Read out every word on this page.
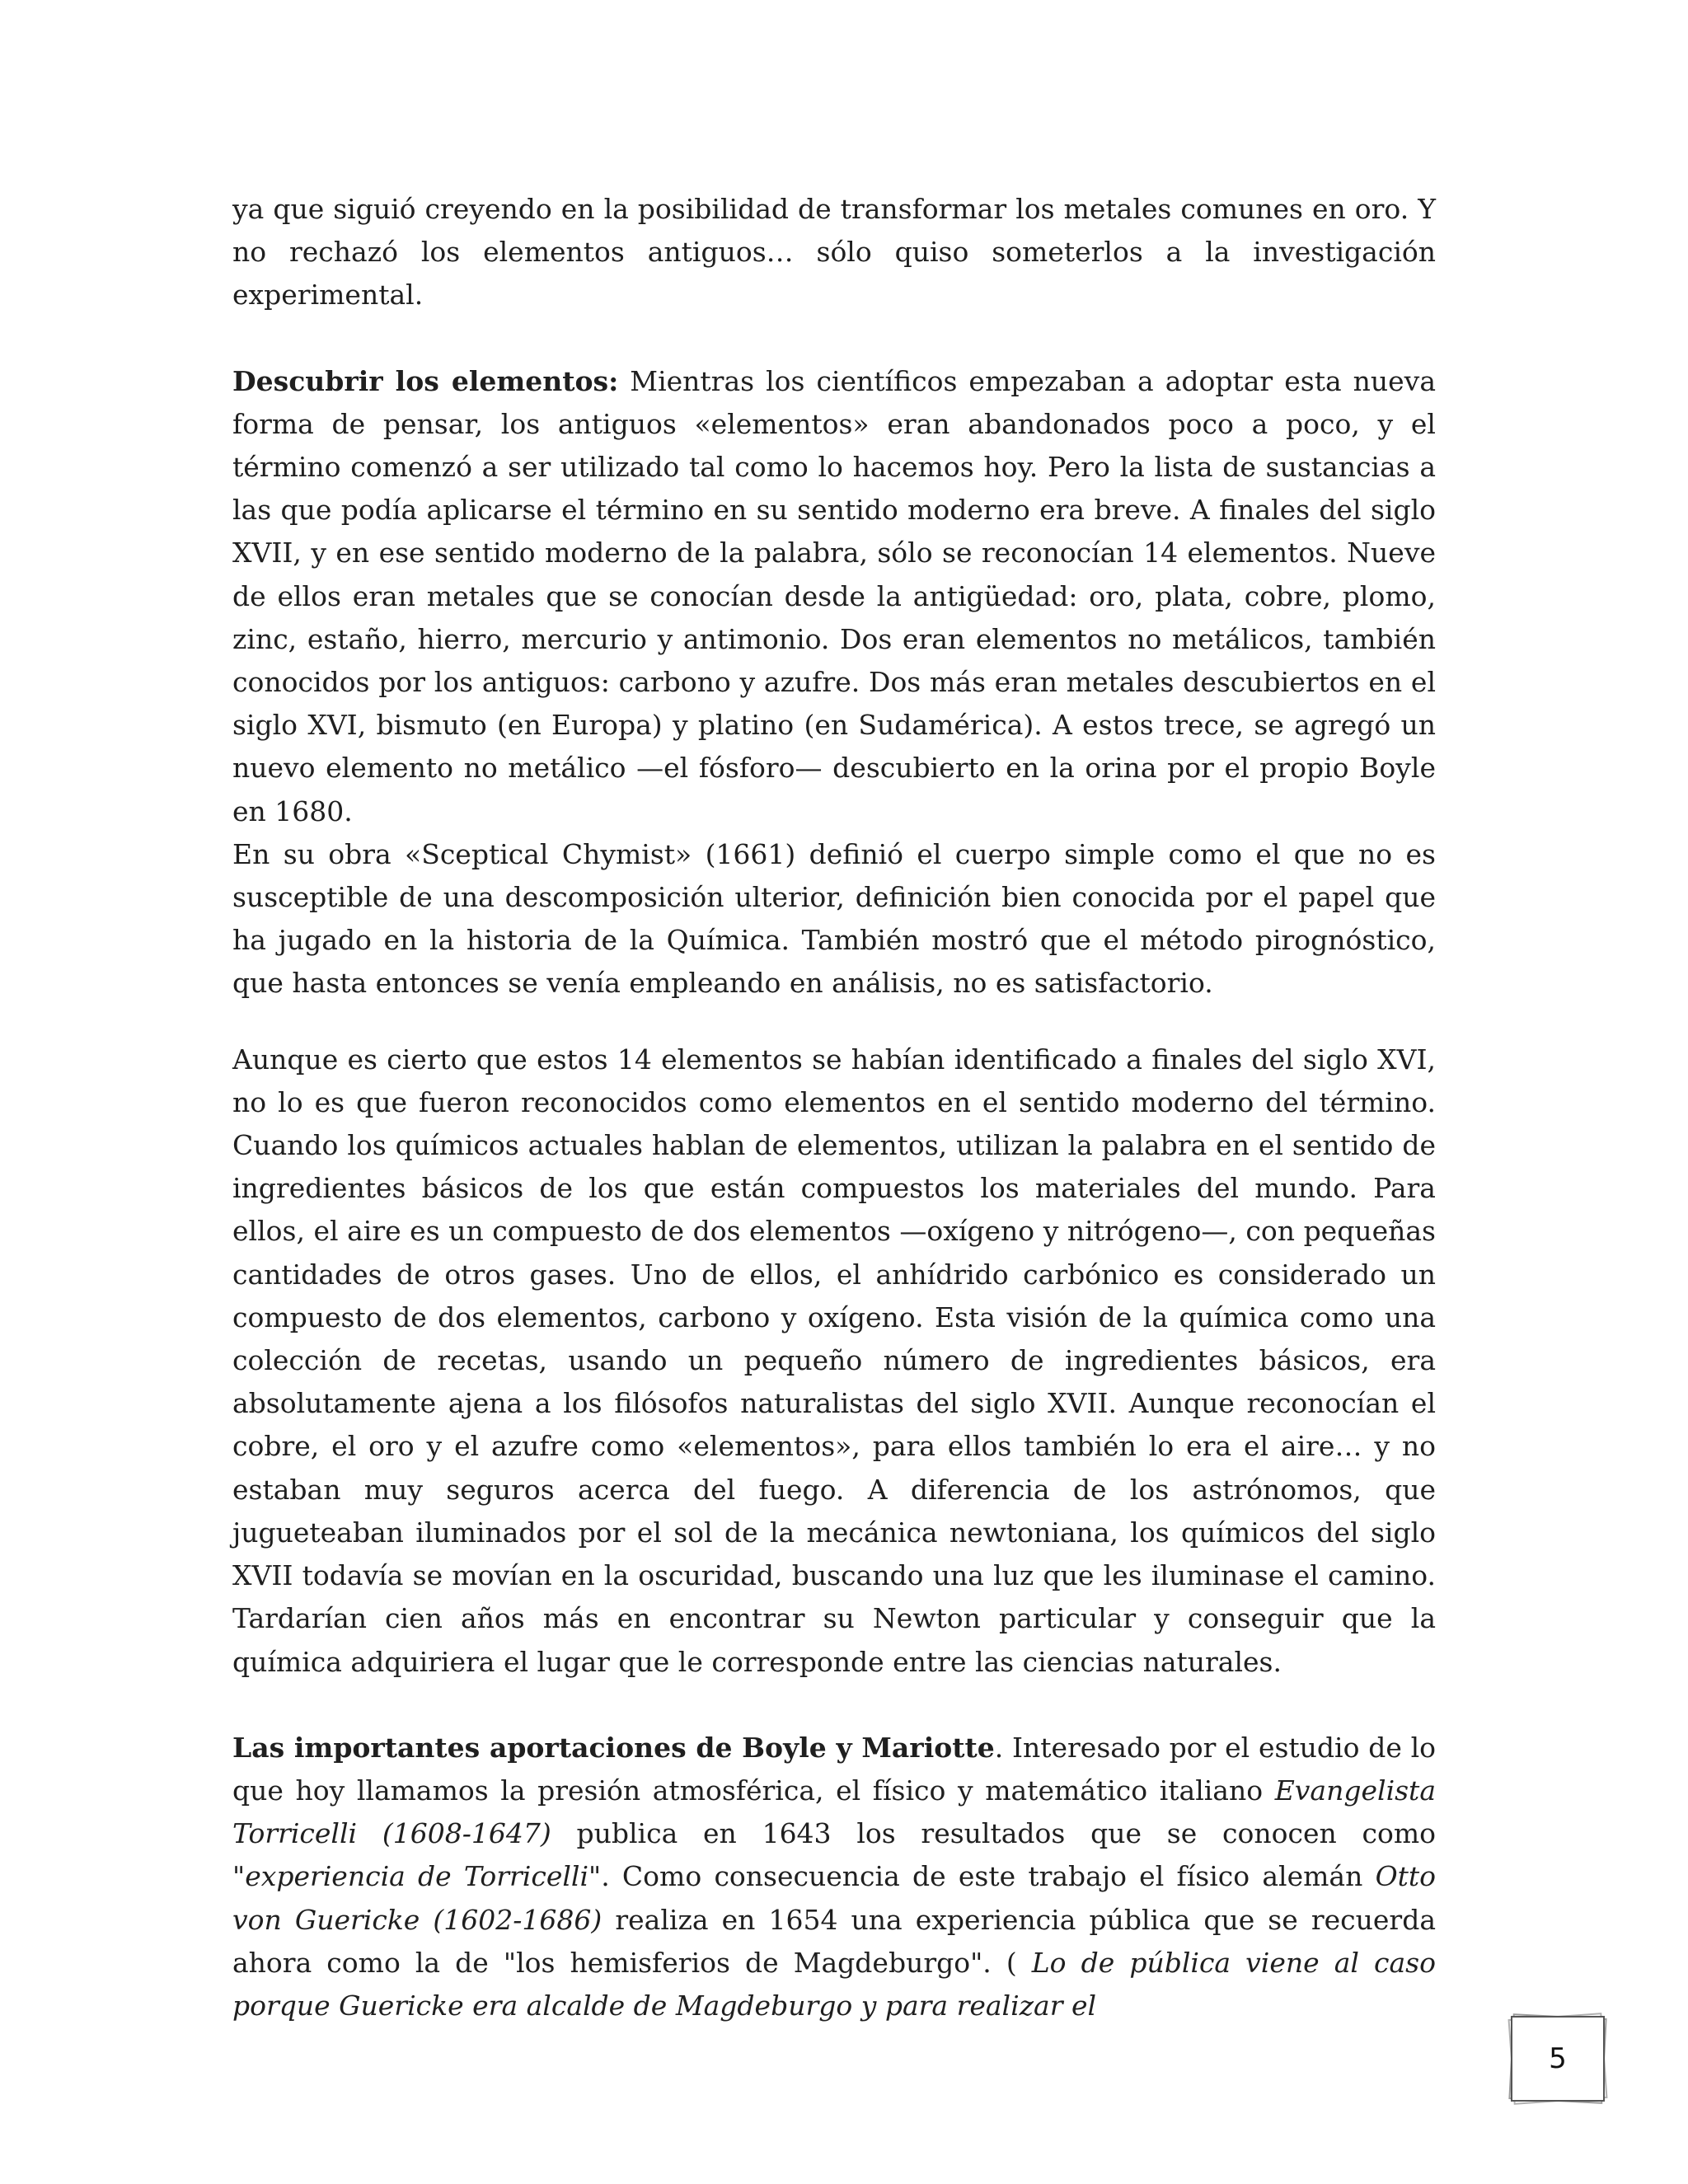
ya que siguió creyendo en la posibilidad de transformar los metales comunes en oro. Y no rechazó los elementos antiguos… sólo quiso someterlos a la investigación experimental.

Descubrir los elementos: Mientras los científicos empezaban a adoptar esta nueva forma de pensar, los antiguos «elementos» eran abandonados poco a poco, y el término comenzó a ser utilizado tal como lo hacemos hoy. Pero la lista de sustancias a las que podía aplicarse el término en su sentido moderno era breve. A finales del siglo XVII, y en ese sentido moderno de la palabra, sólo se reconocían 14 elementos. Nueve de ellos eran metales que se conocían desde la antigüedad: oro, plata, cobre, plomo, zinc, estaño, hierro, mercurio y antimonio. Dos eran elementos no metálicos, también conocidos por los antiguos: carbono y azufre. Dos más eran metales descubiertos en el siglo XVI, bismuto (en Europa) y platino (en Sudamérica). A estos trece, se agregó un nuevo elemento no metálico —el fósforo— descubierto en la orina por el propio Boyle en 1680.

En su obra «Sceptical Chymist» (1661) definió el cuerpo simple como el que no es susceptible de una descomposición ulterior, definición bien conocida por el papel que ha jugado en la historia de la Química. También mostró que el método pirognóstico, que hasta entonces se venía empleando en análisis, no es satisfactorio.

Aunque es cierto que estos 14 elementos se habían identificado a finales del siglo XVI, no lo es que fueron reconocidos como elementos en el sentido moderno del término. Cuando los químicos actuales hablan de elementos, utilizan la palabra en el sentido de ingredientes básicos de los que están compuestos los materiales del mundo. Para ellos, el aire es un compuesto de dos elementos —oxígeno y nitrógeno—, con pequeñas cantidades de otros gases. Uno de ellos, el anhídrido carbónico es considerado un compuesto de dos elementos, carbono y oxígeno. Esta visión de la química como una colección de recetas, usando un pequeño número de ingredientes básicos, era absolutamente ajena a los filósofos naturalistas del siglo XVII. Aunque reconocían el cobre, el oro y el azufre como «elementos», para ellos también lo era el aire… y no estaban muy seguros acerca del fuego. A diferencia de los astrónomos, que jugueteaban iluminados por el sol de la mecánica newtoniana, los químicos del siglo XVII todavía se movían en la oscuridad, buscando una luz que les iluminase el camino. Tardarían cien años más en encontrar su Newton particular y conseguir que la química adquiriera el lugar que le corresponde entre las ciencias naturales.

Las importantes aportaciones de Boyle y Mariotte. Interesado por el estudio de lo que hoy llamamos la presión atmosférica, el físico y matemático italiano Evangelista Torricelli (1608-1647) publica en 1643 los resultados que se conocen como "experiencia de Torricelli". Como consecuencia de este trabajo el físico alemán Otto von Guericke (1602-1686) realiza en 1654 una experiencia pública que se recuerda ahora como la de "los hemisferios de Magdeburgo". ( Lo de pública viene al caso porque Guericke era alcalde de Magdeburgo y para realizar el

5
